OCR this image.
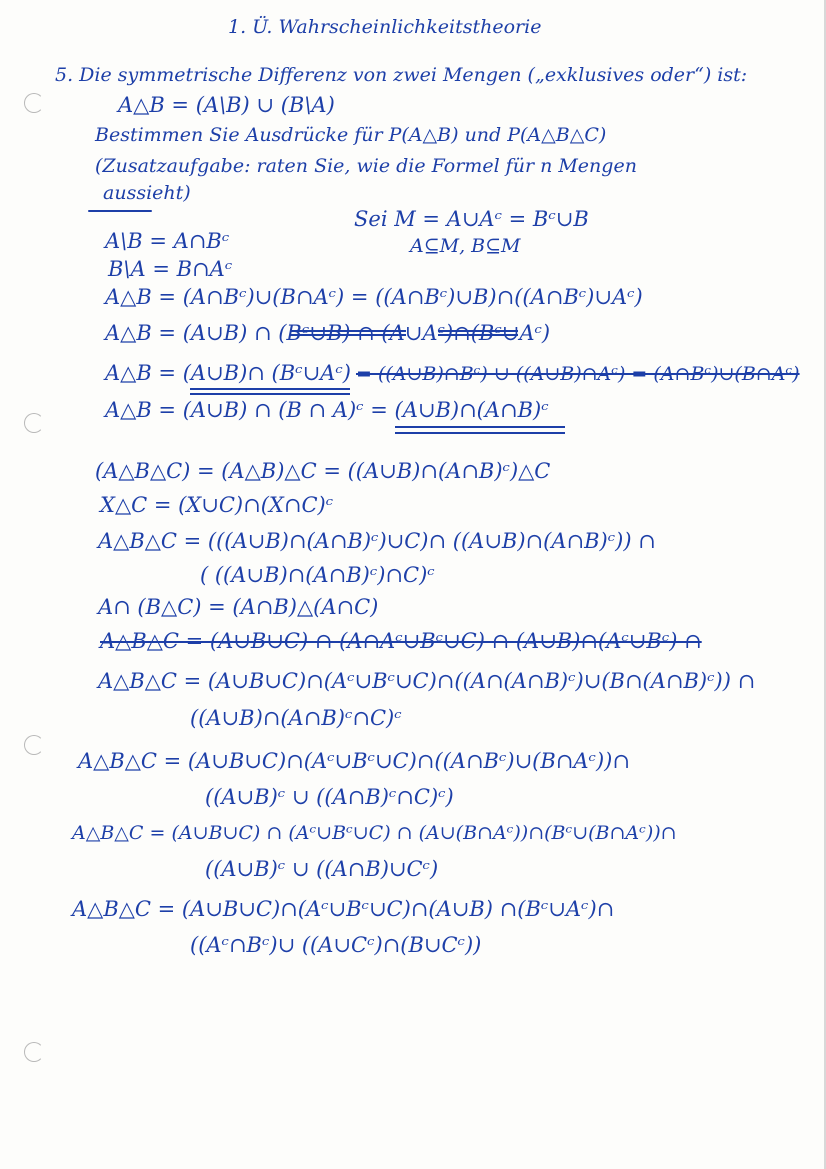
1. Ü. Wahrscheinlichkeitstheorie
5. Die symmetrische Differenz von zwei Mengen („exklusives oder“) ist:
A△B = (A\B) ∪ (B\A)
Bestimmen Sie Ausdrücke für P(A△B) und P(A△B△C)
(Zusatzaufgabe: raten Sie, wie die Formel für n Mengen
aussieht)
Sei M = A∪Aᶜ = Bᶜ∪B
A⊆M, B⊆M
A\B = A∩Bᶜ
B\A = B∩Aᶜ
A△B = (A∩Bᶜ)∪(B∩Aᶜ) = ((A∩Bᶜ)∪B)∩((A∩Bᶜ)∪Aᶜ)
A△B = (A∪B) ∩ (Bᶜ∪B) ∩ (A∪Aᶜ)∩(Bᶜ∪Aᶜ)
A△B = (A∪B)∩ (Bᶜ∪Aᶜ) = ((A∪B)∩Bᶜ) ∪ ((A∪B)∩Aᶜ) = (A∩Bᶜ)∪(B∩Aᶜ)
A△B = (A∪B) ∩ (B ∩ A)ᶜ = (A∪B)∩(A∩B)ᶜ
(A△B△C) = (A△B)△C = ((A∪B)∩(A∩B)ᶜ)△C
X△C = (X∪C)∩(X∩C)ᶜ
A△B△C = (((A∪B)∩(A∩B)ᶜ)∪C)∩ ((A∪B)∩(A∩B)ᶜ)) ∩
( ((A∪B)∩(A∩B)ᶜ)∩C)ᶜ
A∩ (B△C) = (A∩B)△(A∩C)
A△B△C = (A∪B∪C) ∩ (A∩Aᶜ∪Bᶜ∪C) ∩ (A∪B)∩(Aᶜ∪Bᶜ) ∩
A△B△C = (A∪B∪C)∩(Aᶜ∪Bᶜ∪C)∩((A∩(A∩B)ᶜ)∪(B∩(A∩B)ᶜ)) ∩
((A∪B)∩(A∩B)ᶜ∩C)ᶜ
A△B△C = (A∪B∪C)∩(Aᶜ∪Bᶜ∪C)∩((A∩Bᶜ)∪(B∩Aᶜ))∩
((A∪B)ᶜ ∪ ((A∩B)ᶜ∩C)ᶜ)
A△B△C = (A∪B∪C) ∩ (Aᶜ∪Bᶜ∪C) ∩ (A∪(B∩Aᶜ))∩(Bᶜ∪(B∩Aᶜ))∩
((A∪B)ᶜ ∪ ((A∩B)∪Cᶜ)
A△B△C = (A∪B∪C)∩(Aᶜ∪Bᶜ∪C)∩(A∪B) ∩(Bᶜ∪Aᶜ)∩
((Aᶜ∩Bᶜ)∪ ((A∪Cᶜ)∩(B∪Cᶜ))
